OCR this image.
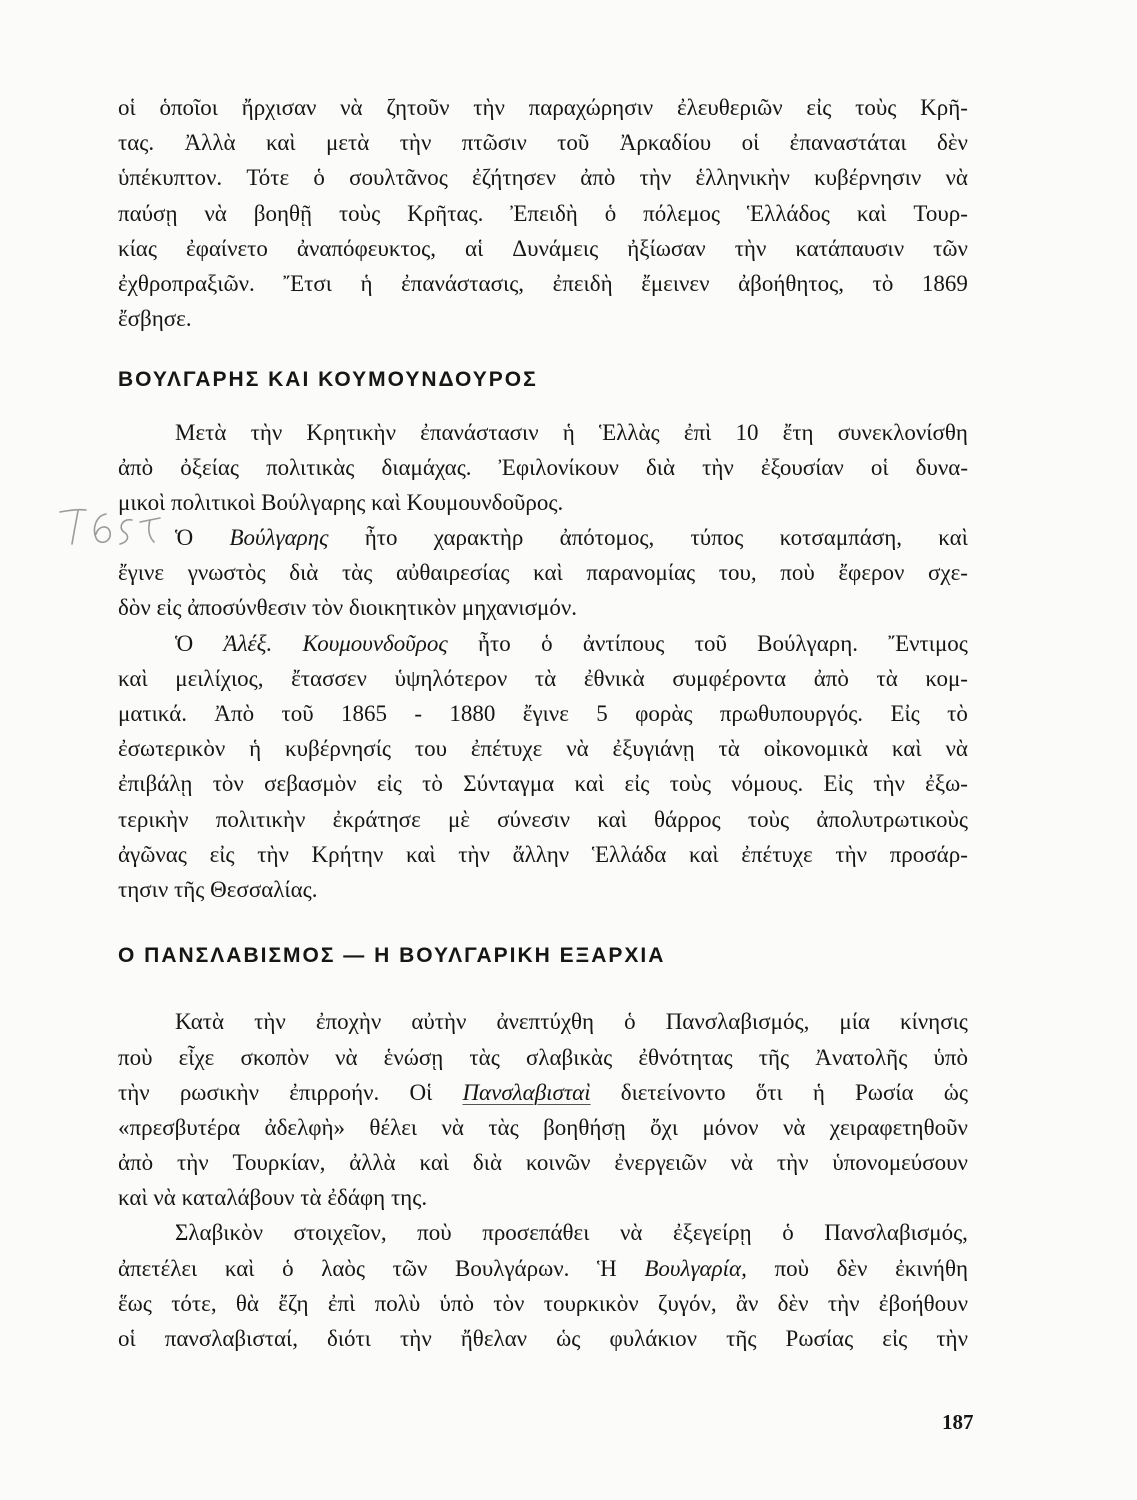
οἱ ὁποῖοι ἤρχισαν νὰ ζητοῦν τὴν παραχώρησιν ἐλευθεριῶν εἰς τοὺς Κρῆ-
τας. Ἀλλὰ καὶ μετὰ τὴν πτῶσιν τοῦ Ἀρκαδίου οἱ ἐπαναστάται δὲν
ὑπέκυπτον. Τότε ὁ σουλτᾶνος ἐζήτησεν ἀπὸ τὴν ἑλληνικὴν κυβέρνησιν νὰ
παύσῃ νὰ βοηθῇ τοὺς Κρῆτας. Ἐπειδὴ ὁ πόλεμος Ἑλλάδος καὶ Τουρ-
κίας ἐφαίνετο ἀναπόφευκτος, αἱ Δυνάμεις ἠξίωσαν τὴν κατάπαυσιν τῶν
ἐχθροπραξιῶν. Ἔτσι ἡ ἐπανάστασις, ἐπειδὴ ἔμεινεν ἀβοήθητος, τὸ 1869
ἔσβησε.
ΒΟΥΛΓΑΡΗΣ ΚΑΙ ΚΟΥΜΟΥΝΔΟΥΡΟΣ
Μετὰ τὴν Κρητικὴν ἐπανάστασιν ἡ Ἑλλὰς ἐπὶ 10 ἔτη συνεκλονίσθη
ἀπὸ ὀξείας πολιτικὰς διαμάχας. Ἐφιλονίκουν διὰ τὴν ἐξουσίαν οἱ δυνα-
μικοὶ πολιτικοὶ Βούλγαρης καὶ Κουμουνδοῦρος.
Ὁ Βούλγαρης ἦτο χαρακτὴρ ἀπότομος, τύπος κοτσαμπάση, καὶ
ἔγινε γνωστὸς διὰ τὰς αὐθαιρεσίας καὶ παρανομίας του, ποὺ ἔφερον σχε-
δὸν εἰς ἀποσύνθεσιν τὸν διοικητικὸν μηχανισμόν.
Ὁ Ἀλέξ. Κουμουνδοῦρος ἦτο ὁ ἀντίπους τοῦ Βούλγαρη. Ἔντιμος
καὶ μειλίχιος, ἔτασσεν ὑψηλότερον τὰ ἐθνικὰ συμφέροντα ἀπὸ τὰ κομ-
ματικά. Ἀπὸ τοῦ 1865 - 1880 ἔγινε 5 φορὰς πρωθυπουργός. Εἰς τὸ
ἐσωτερικὸν ἡ κυβέρνησίς του ἐπέτυχε νὰ ἐξυγιάνῃ τὰ οἰκονομικὰ καὶ νὰ
ἐπιβάλῃ τὸν σεβασμὸν εἰς τὸ Σύνταγμα καὶ εἰς τοὺς νόμους. Εἰς τὴν ἐξω-
τερικὴν πολιτικὴν ἐκράτησε μὲ σύνεσιν καὶ θάρρος τοὺς ἀπολυτρωτικοὺς
ἀγῶνας εἰς τὴν Κρήτην καὶ τὴν ἄλλην Ἑλλάδα καὶ ἐπέτυχε τὴν προσάρ-
τησιν τῆς Θεσσαλίας.
Ο ΠΑΝΣΛΑΒΙΣΜΟΣ — Η ΒΟΥΛΓΑΡΙΚΗ ΕΞΑΡΧΙΑ
Κατὰ τὴν ἐποχὴν αὐτὴν ἀνεπτύχθη ὁ Πανσλαβισμός, μία κίνησις
ποὺ εἶχε σκοπὸν νὰ ἑνώσῃ τὰς σλαβικὰς ἐθνότητας τῆς Ἀνατολῆς ὑπὸ
τὴν ρωσικὴν ἐπιρροήν. Οἱ Πανσλαβισταὶ διετείνοντο ὅτι ἡ Ρωσία ὡς
«πρεσβυτέρα ἀδελφὴ» θέλει νὰ τὰς βοηθήσῃ ὄχι μόνον νὰ χειραφετηθοῦν
ἀπὸ τὴν Τουρκίαν, ἀλλὰ καὶ διὰ κοινῶν ἐνεργειῶν νὰ τὴν ὑπονομεύσουν
καὶ νὰ καταλάβουν τὰ ἐδάφη της.
Σλαβικὸν στοιχεῖον, ποὺ προσεπάθει νὰ ἐξεγείρῃ ὁ Πανσλαβισμός,
ἀπετέλει καὶ ὁ λαὸς τῶν Βουλγάρων. Ἡ Βουλγαρία, ποὺ δὲν ἐκινήθη
ἕως τότε, θὰ ἔζη ἐπὶ πολὺ ὑπὸ τὸν τουρκικὸν ζυγόν, ἂν δὲν τὴν ἐβοήθουν
οἱ πανσλαβισταί, διότι τὴν ἤθελαν ὡς φυλάκιον τῆς Ρωσίας εἰς τὴν
187
